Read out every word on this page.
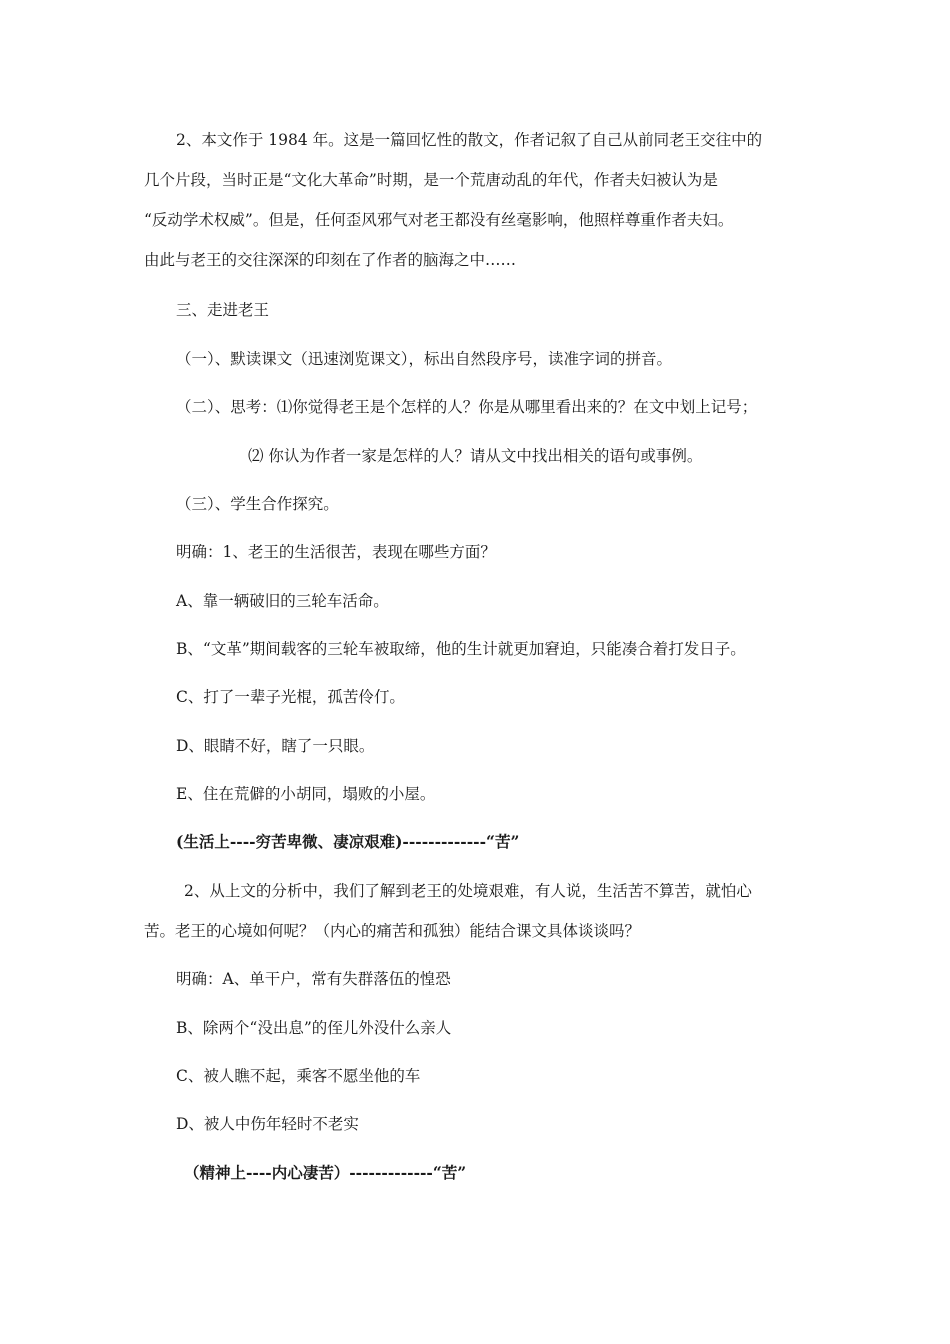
2、本文作于 1984 年。这是一篇回忆性的散文，作者记叙了自己从前同老王交往中的
几个片段，当时正是“文化大革命”时期，是一个荒唐动乱的年代，作者夫妇被认为是
“反动学术权威”。但是，任何歪风邪气对老王都没有丝毫影响，他照样尊重作者夫妇。
由此与老王的交往深深的印刻在了作者的脑海之中……
三、走进老王
（一）、默读课文（迅速浏览课文），标出自然段序号，读准字词的拼音。
（二）、思考：⑴你觉得老王是个怎样的人？你是从哪里看出来的？在文中划上记号；
⑵ 你认为作者一家是怎样的人？请从文中找出相关的语句或事例。
（三）、学生合作探究。
明确：1、老王的生活很苦，表现在哪些方面？
A、靠一辆破旧的三轮车活命。
B、“文革”期间载客的三轮车被取缔，他的生计就更加窘迫，只能凑合着打发日子。
C、打了一辈子光棍，孤苦伶仃。
D、眼睛不好，瞎了一只眼。
E、住在荒僻的小胡同，塌败的小屋。
(生活上----穷苦卑微、凄凉艰难)-------------“苦”
2、从上文的分析中，我们了解到老王的处境艰难，有人说，生活苦不算苦，就怕心
苦。老王的心境如何呢？（内心的痛苦和孤独）能结合课文具体谈谈吗？
明确：A、单干户，常有失群落伍的惶恐
B、除两个“没出息”的侄儿外没什么亲人
C、被人瞧不起，乘客不愿坐他的车
D、被人中伤年轻时不老实
（精神上----内心凄苦）-------------“苦”
